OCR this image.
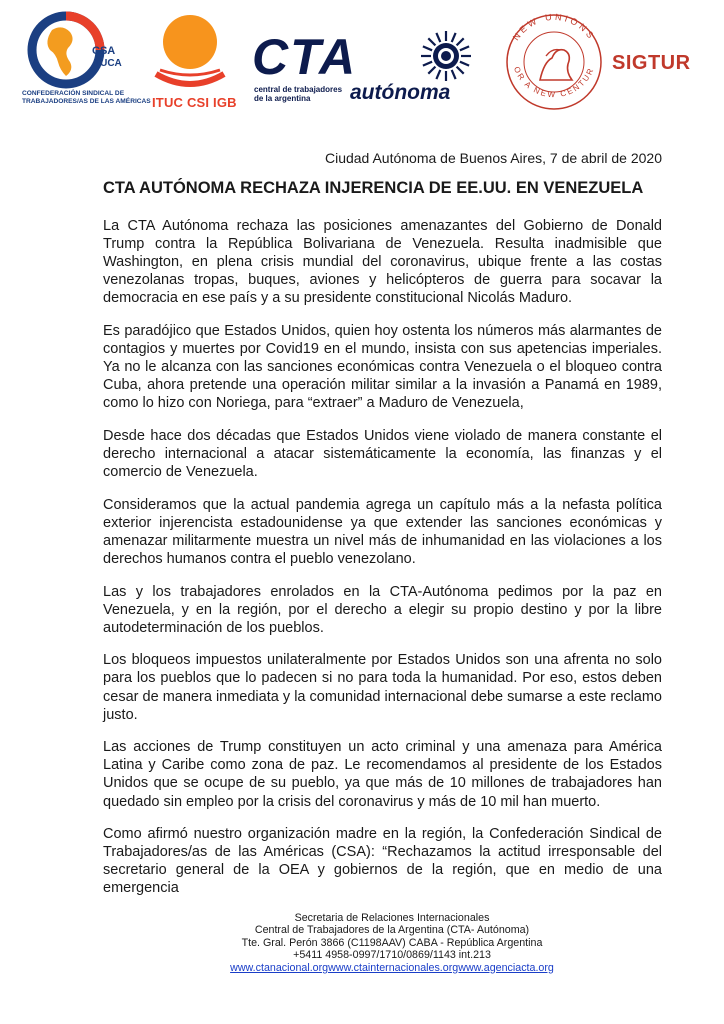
CSA
TUCA
CONFEDERACIÓN SINDICAL DE
TRABAJADORES/AS DE LAS AMÉRICAS ITUC CSI IGB
CTA
central de trabajadores
de la argentina	autónoma
NEW UNIONS
OR A NEW CENTUR SIGTUR
Ciudad Autónoma de Buenos Aires, 7 de abril de 2020
CTA AUTÓNOMA RECHAZA INJERENCIA DE EE.UU. EN VENEZUELA

La CTA Autónoma rechaza las posiciones amenazantes del Gobierno de Donald Trump contra la República Bolivariana de Venezuela. Resulta inadmisible que Washington, en plena crisis mundial del coronavirus, ubique frente a las costas venezolanas tropas, buques, aviones y helicópteros de guerra para socavar la democracia en ese país y a su presidente constitucional Nicolás Maduro.

Es paradójico que Estados Unidos, quien hoy ostenta los números más alarmantes de contagios y muertes por Covid19 en el mundo, insista con sus apetencias imperiales. Ya no le alcanza con las sanciones económicas contra Venezuela o el bloqueo contra Cuba, ahora pretende una operación militar similar a la invasión a Panamá en 1989, como lo hizo con Noriega, para “extraer” a Maduro de Venezuela,

Desde hace dos décadas que Estados Unidos viene violado de manera constante el derecho internacional a atacar sistemáticamente la economía, las finanzas y el comercio de Venezuela.

Consideramos que la actual pandemia agrega un capítulo más a la nefasta política exterior injerencista estadounidense ya que extender las sanciones económicas y amenazar militarmente muestra un nivel más de inhumanidad en las violaciones a los derechos humanos contra el pueblo venezolano.

Las y los trabajadores enrolados en la CTA-Autónoma pedimos por la paz en Venezuela, y en la región, por el derecho a elegir su propio destino y por la libre autodeterminación de los pueblos.

Los bloqueos impuestos unilateralmente por Estados Unidos son una afrenta no solo para los pueblos que lo padecen si no para toda la humanidad. Por eso, estos deben cesar de manera inmediata y la comunidad internacional debe sumarse a este reclamo justo.

Las acciones de Trump constituyen un acto criminal y una amenaza para América Latina y Caribe como zona de paz. Le recomendamos al presidente de los Estados Unidos que se ocupe de su pueblo, ya que más de 10 millones de trabajadores han quedado sin empleo por la crisis del coronavirus y más de 10 mil han muerto.

Como afirmó nuestro organización madre en la región, la Confederación Sindical de Trabajadores/as de las Américas (CSA): “Rechazamos la actitud irresponsable del secretario general de la OEA y gobiernos de la región, que en medio de una emergencia

Secretaria de Relaciones Internacionales
Central de Trabajadores de la Argentina (CTA- Autónoma)
Tte. Gral. Perón 3866 (C1198AAV) CABA - República Argentina
+5411 4958-0997/1710/0869/1143 int.213
www.ctanacional.orgwww.ctainternacionales.orgwww.agenciacta.org
